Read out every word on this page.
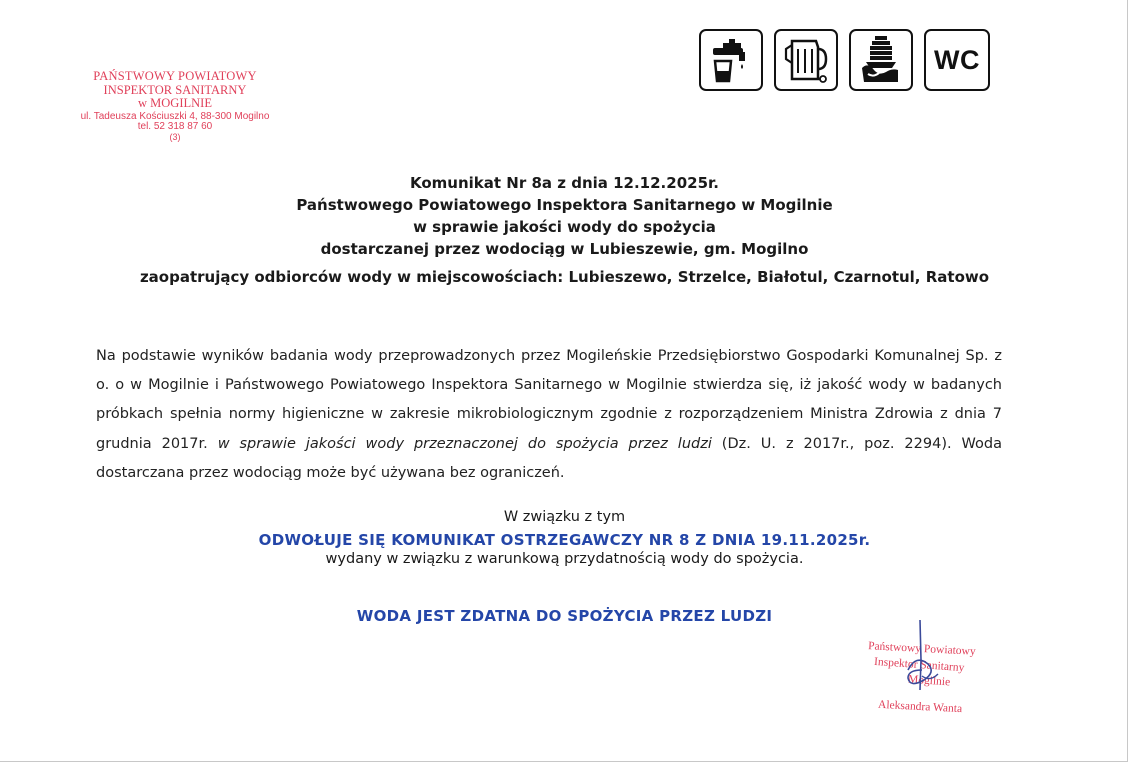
PAŃSTWOWY POWIATOWY
INSPEKTOR SANITARNY
w MOGILNIE
ul. Tadeusza Kościuszki 4, 88-300 Mogilno
tel. 52 318 87 60
(3)
WC
Komunikat Nr 8a z dnia 12.12.2025r.
Państwowego Powiatowego Inspektora Sanitarnego w Mogilnie
w sprawie jakości wody do spożycia
dostarczanej przez wodociąg w Lubieszewie, gm. Mogilno
zaopatrujący odbiorców wody w miejscowościach: Lubieszewo, Strzelce, Białotul, Czarnotul, Ratowo
Na podstawie wyników badania wody przeprowadzonych przez Mogileńskie Przedsiębiorstwo Gospodarki Komunalnej Sp. z o. o w Mogilnie i Państwowego Powiatowego Inspektora Sanitarnego w Mogilnie stwierdza się, iż jakość wody w badanych próbkach spełnia normy higieniczne w zakresie mikrobiologicznym zgodnie z rozporządzeniem Ministra Zdrowia z dnia 7 grudnia 2017r. w sprawie jakości wody przeznaczonej do spożycia przez ludzi (Dz. U. z 2017r., poz. 2294). Woda dostarczana przez wodociąg może być używana bez ograniczeń.
W związku z tym
ODWOŁUJE SIĘ KOMUNIKAT OSTRZEGAWCZY NR 8 Z DNIA 19.11.2025r.
wydany w związku z warunkową przydatnością wody do spożycia.
WODA JEST ZDATNA DO SPOŻYCIA PRZEZ LUDZI
Państwowy Powiatowy
Inspektor Sanitarny
Mogilnie
Aleksandra Wanta
